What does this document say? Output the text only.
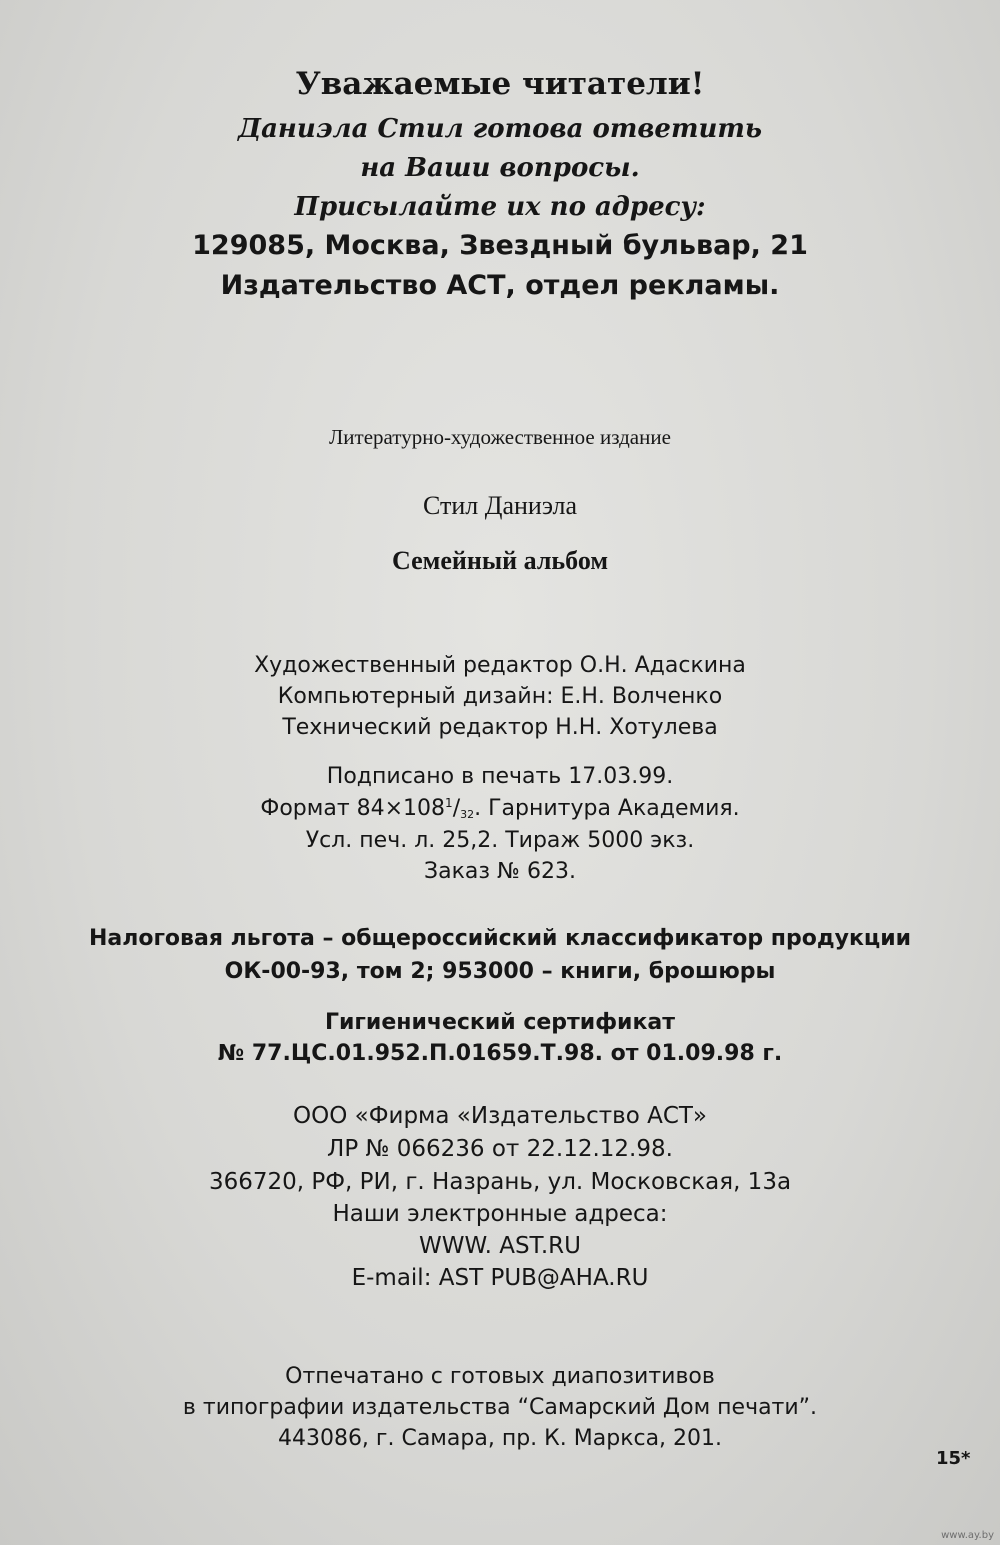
Уважаемые читатели!
Даниэла Стил готова ответить
на Ваши вопросы.
Присылайте их по адресу:
129085, Москва, Звездный бульвар, 21
Издательство АСТ, отдел рекламы.
Литературно-художественное издание
Стил Даниэла
Семейный альбом
Художественный редактор О.Н. Адаскина
Компьютерный дизайн: Е.Н. Волченко
Технический редактор Н.Н. Хотулева
Подписано в печать 17.03.99.
Формат $84\times 108^1/32$. Гарнитура Академия.
Усл. печ. л. 25,2. Тираж 5000 экз.
Заказ № 623.
Налоговая льгота – общероссийский классификатор продукции
ОК-00-93, том 2; 953000 – книги, брошюры
Гигиенический сертификат
№ 77.ЦС.01.952.П.01659.Т.98. от 01.09.98 г.
ООО «Фирма «Издательство АСТ»
ЛР № 066236 от 22.12.12.98.
366720, РФ, РИ, г. Назрань, ул. Московская, 13а
Наши электронные адреса:
WWW. AST.RU
E-mail: AST PUB@AHA.RU
Отпечатано с готовых диапозитивов
в типографии издательства “Самарский Дом печати”.
443086, г. Самара, пр. К. Маркса, 201.
15*
www.ay.by
